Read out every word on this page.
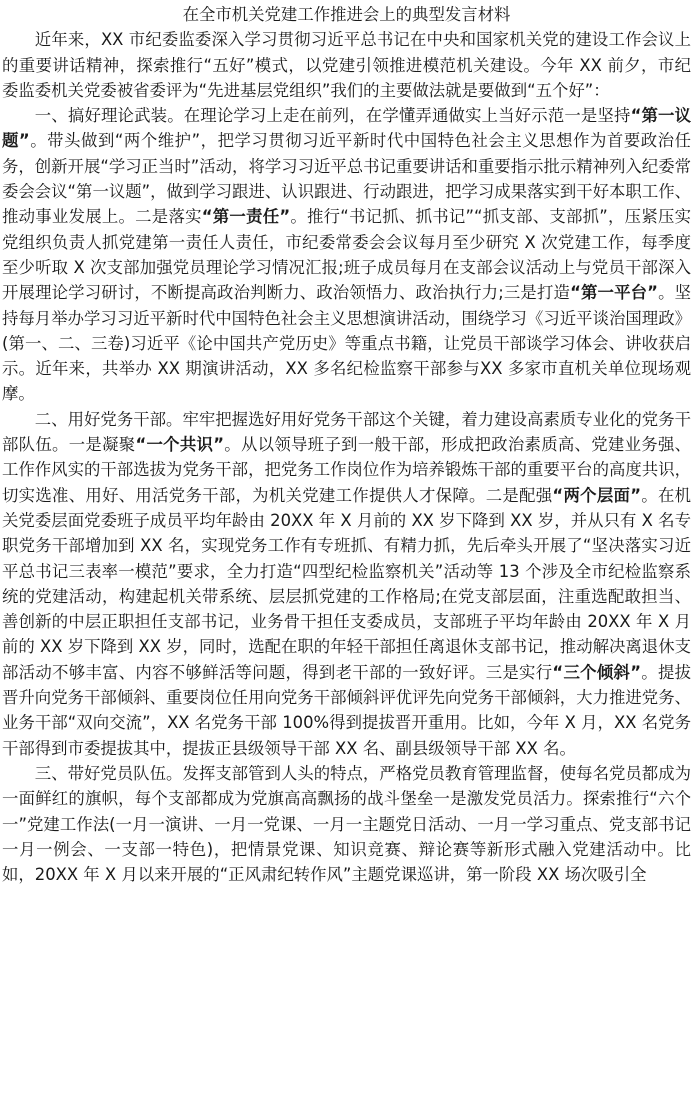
在全市机关党建工作推进会上的典型发言材料

近年来，XX 市纪委监委深入学习贯彻习近平总书记在中央和国家机关党的建设工作会议上的重要讲话精神，探索推行“五好”模式，以党建引领推进模范机关建设。今年 XX 前夕，市纪委监委机关党委被省委评为“先进基层党组织”我们的主要做法就是要做到“五个好”：

一、搞好理论武装。在理论学习上走在前列，在学懂弄通做实上当好示范一是坚持“第一议题”。带头做到“两个维护”，把学习贯彻习近平新时代中国特色社会主义思想作为首要政治任务，创新开展“学习正当时”活动，将学习习近平总书记重要讲话和重要指示批示精神列入纪委常委会会议“第一议题”，做到学习跟进、认识跟进、行动跟进，把学习成果落实到干好本职工作、推动事业发展上。二是落实“第一责任”。推行“书记抓、抓书记”“抓支部、支部抓”，压紧压实党组织负责人抓党建第一责任人责任，市纪委常委会会议每月至少研究 X 次党建工作，每季度至少听取 X 次支部加强党员理论学习情况汇报;班子成员每月在支部会议活动上与党员干部深入开展理论学习研讨，不断提高政治判断力、政治领悟力、政治执行力;三是打造“第一平台”。坚持每月举办学习习近平新时代中国特色社会主义思想演讲活动，围绕学习《习近平谈治国理政》(第一、二、三卷)习近平《论中国共产党历史》等重点书籍，让党员干部谈学习体会、讲收获启示。近年来，共举办 XX 期演讲活动，XX 多名纪检监察干部参与XX 多家市直机关单位现场观摩。

二、用好党务干部。牢牢把握选好用好党务干部这个关键，着力建设高素质专业化的党务干部队伍。一是凝聚“一个共识”。从以领导班子到一般干部，形成把政治素质高、党建业务强、工作作风实的干部选拔为党务干部，把党务工作岗位作为培养锻炼干部的重要平台的高度共识，切实选准、用好、用活党务干部，为机关党建工作提供人才保障。二是配强“两个层面”。在机关党委层面党委班子成员平均年龄由 20XX 年 X 月前的 XX 岁下降到 XX 岁，并从只有 X 名专职党务干部增加到 XX 名，实现党务工作有专班抓、有精力抓，先后牵头开展了“坚决落实习近平总书记三表率一模范”要求，全力打造“四型纪检监察机关”活动等 13 个涉及全市纪检监察系统的党建活动，构建起机关带系统、层层抓党建的工作格局;在党支部层面，注重选配敢担当、善创新的中层正职担任支部书记，业务骨干担任支委成员，支部班子平均年龄由 20XX 年 X 月前的 XX 岁下降到 XX 岁，同时，选配在职的年轻干部担任离退休支部书记，推动解决离退休支部活动不够丰富、内容不够鲜活等问题，得到老干部的一致好评。三是实行“三个倾斜”。提拔晋升向党务干部倾斜、重要岗位任用向党务干部倾斜评优评先向党务干部倾斜，大力推进党务、业务干部“双向交流”，XX 名党务干部 100%得到提拔晋开重用。比如，今年 X 月，XX 名党务干部得到市委提拔其中，提拔正县级领导干部 XX 名、副县级领导干部 XX 名。

三、带好党员队伍。发挥支部管到人头的特点，严格党员教育管理监督，使每名党员都成为一面鲜红的旗帜，每个支部都成为党旗高高飘扬的战斗堡垒一是激发党员活力。探索推行“六个一”党建工作法(一月一演讲、一月一党课、一月一主题党日活动、一月一学习重点、党支部书记一月一例会、一支部一特色)，把情景党课、知识竞赛、辩论赛等新形式融入党建活动中。比如，20XX 年 X 月以来开展的“正风肃纪转作风”主题党课巡讲，第一阶段 XX 场次吸引全
